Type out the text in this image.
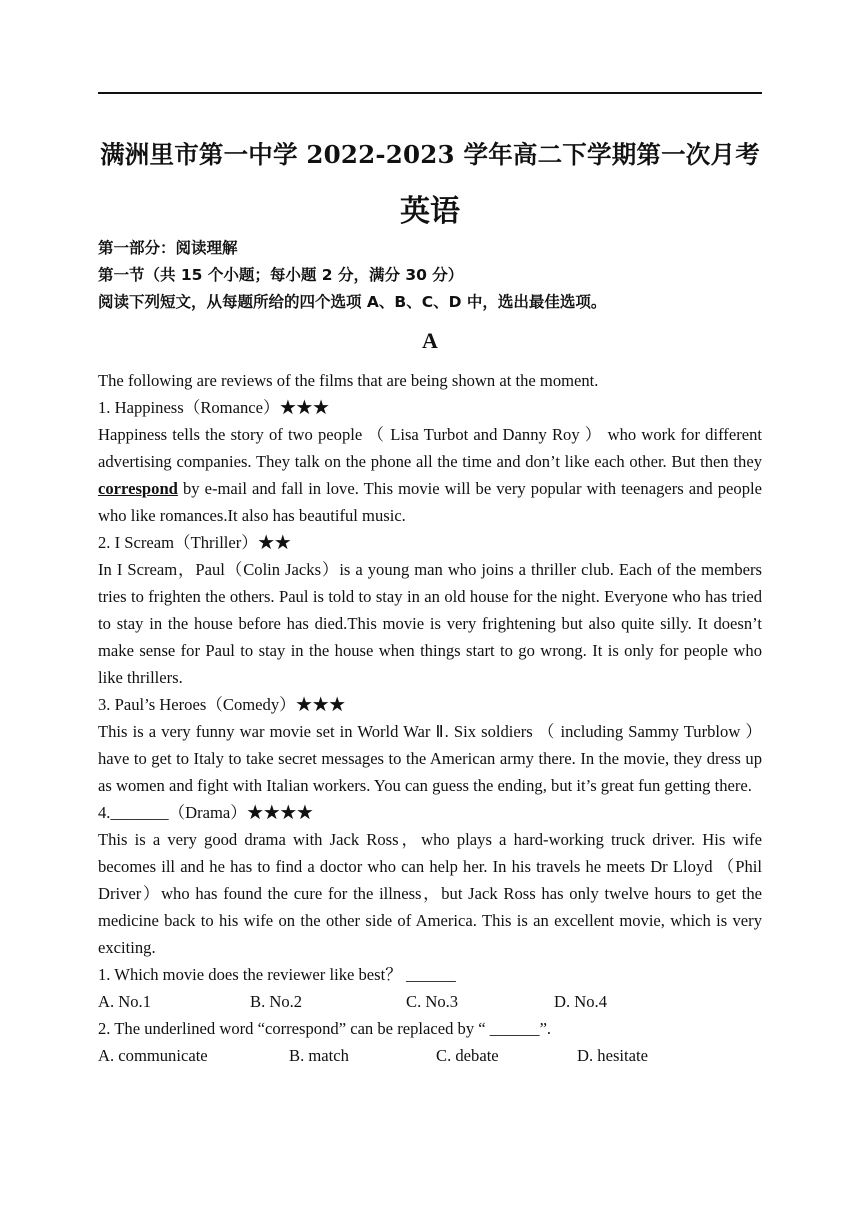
满洲里市第一中学 2022-2023 学年高二下学期第一次月考
英语
第一部分：阅读理解
第一节（共 15 个小题；每小题 2 分，满分 30 分）
阅读下列短文，从每题所给的四个选项 A、B、C、D 中，选出最佳选项。
A

The following are reviews of the films that are being shown at the moment.

1. Happiness（Romance）★★★

Happiness tells the story of two people （ Lisa Turbot and Danny Roy ） who work for different advertising companies. They talk on the phone all the time and don’t like each other. But then they correspond by e-mail and fall in love. This movie will be very popular with teenagers and people who like romances.It also has beautiful music.

2. I Scream（Thriller）★★

In I Scream，Paul（Colin Jacks）is a young man who joins a thriller club. Each of the members tries to frighten the others. Paul is told to stay in an old house for the night. Everyone who has tried to stay in the house before has died.This movie is very frightening but also quite silly. It doesn’t make sense for Paul to stay in the house when things start to go wrong. It is only for people who like thrillers.

3. Paul’s Heroes（Comedy）★★★

This is a very funny war movie set in World War Ⅱ. Six soldiers （ including Sammy Turblow ） have to get to Italy to take secret messages to the American army there. In the movie, they dress up as women and fight with Italian workers. You can guess the ending, but it’s great fun getting there.

4._______（Drama）★★★★

This is a very good drama with Jack Ross，who plays a hard-working truck driver. His wife becomes ill and he has to find a doctor who can help her. In his travels he meets Dr Lloyd （Phil Driver）who has found the cure for the illness，but Jack Ross has only twelve hours to get the medicine back to his wife on the other side of America. This is an excellent movie, which is very exciting.

1. Which movie does the reviewer like best？ ______

A. No.1	B. No.2	C. No.3	D. No.4

2. The underlined word “correspond” can be replaced by “ ______”.

A. communicate	B. match	C. debate	D. hesitate
